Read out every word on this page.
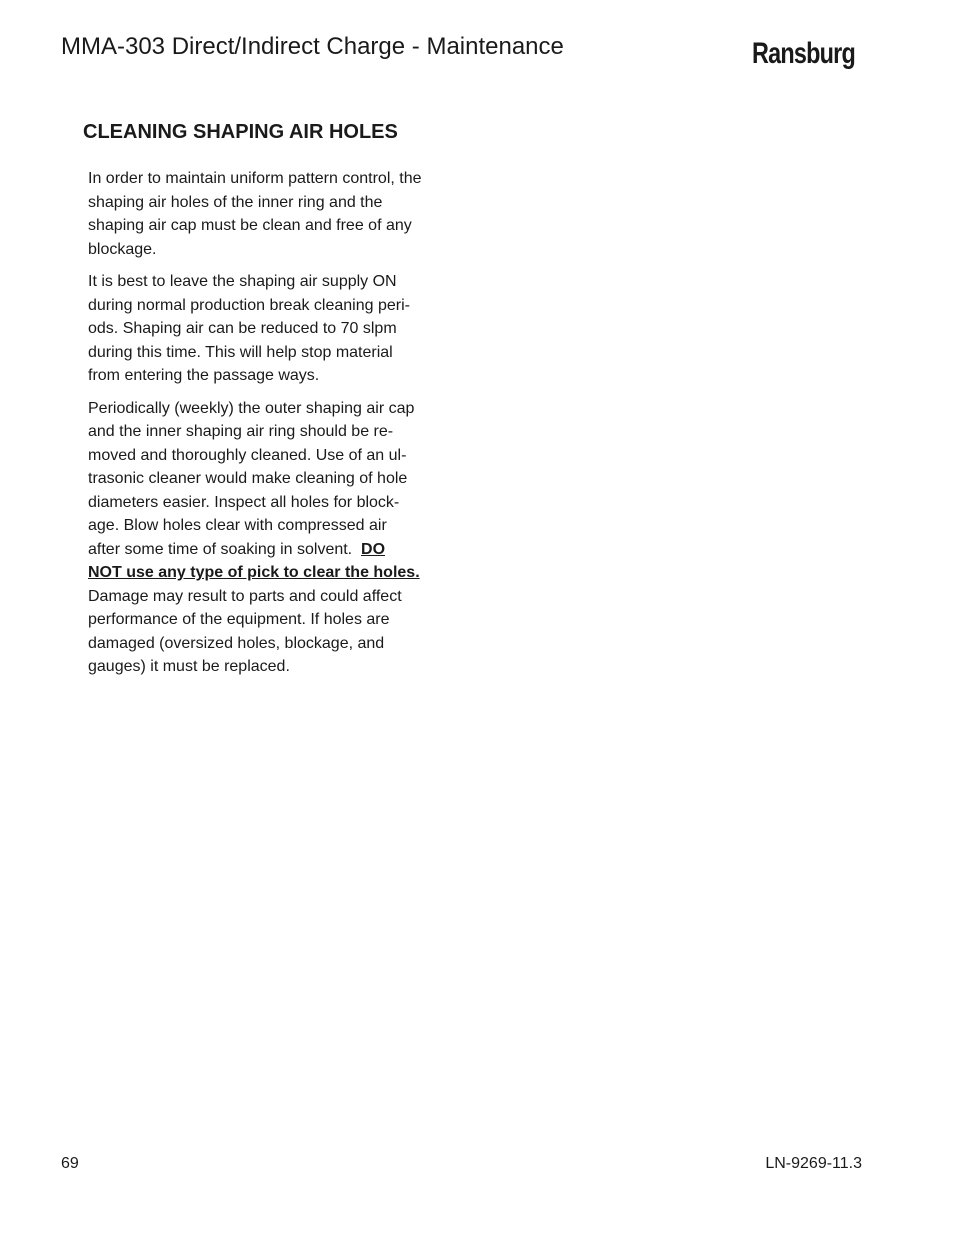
MMA-303 Direct/Indirect Charge - Maintenance	Ransburg
CLEANING SHAPING AIR HOLES

In order to maintain uniform pattern control, the
shaping air holes of the inner ring and the
shaping air cap must be clean and free of any
blockage.

It is best to leave the shaping air supply ON
during normal production break cleaning peri-
ods. Shaping air can be reduced to 70 slpm
during this time. This will help stop material
from entering the passage ways.

Periodically (weekly) the outer shaping air cap
and the inner shaping air ring should be re-
moved and thoroughly cleaned. Use of an ul-
trasonic cleaner would make cleaning of hole
diameters easier. Inspect all holes for block-
age. Blow holes clear with compressed air
after some time of soaking in solvent.  DO
NOT use any type of pick to clear the holes.
Damage may result to parts and could affect
performance of the equipment. If holes are
damaged (oversized holes, blockage, and
gauges) it must be replaced.

69	LN-9269-11.3
